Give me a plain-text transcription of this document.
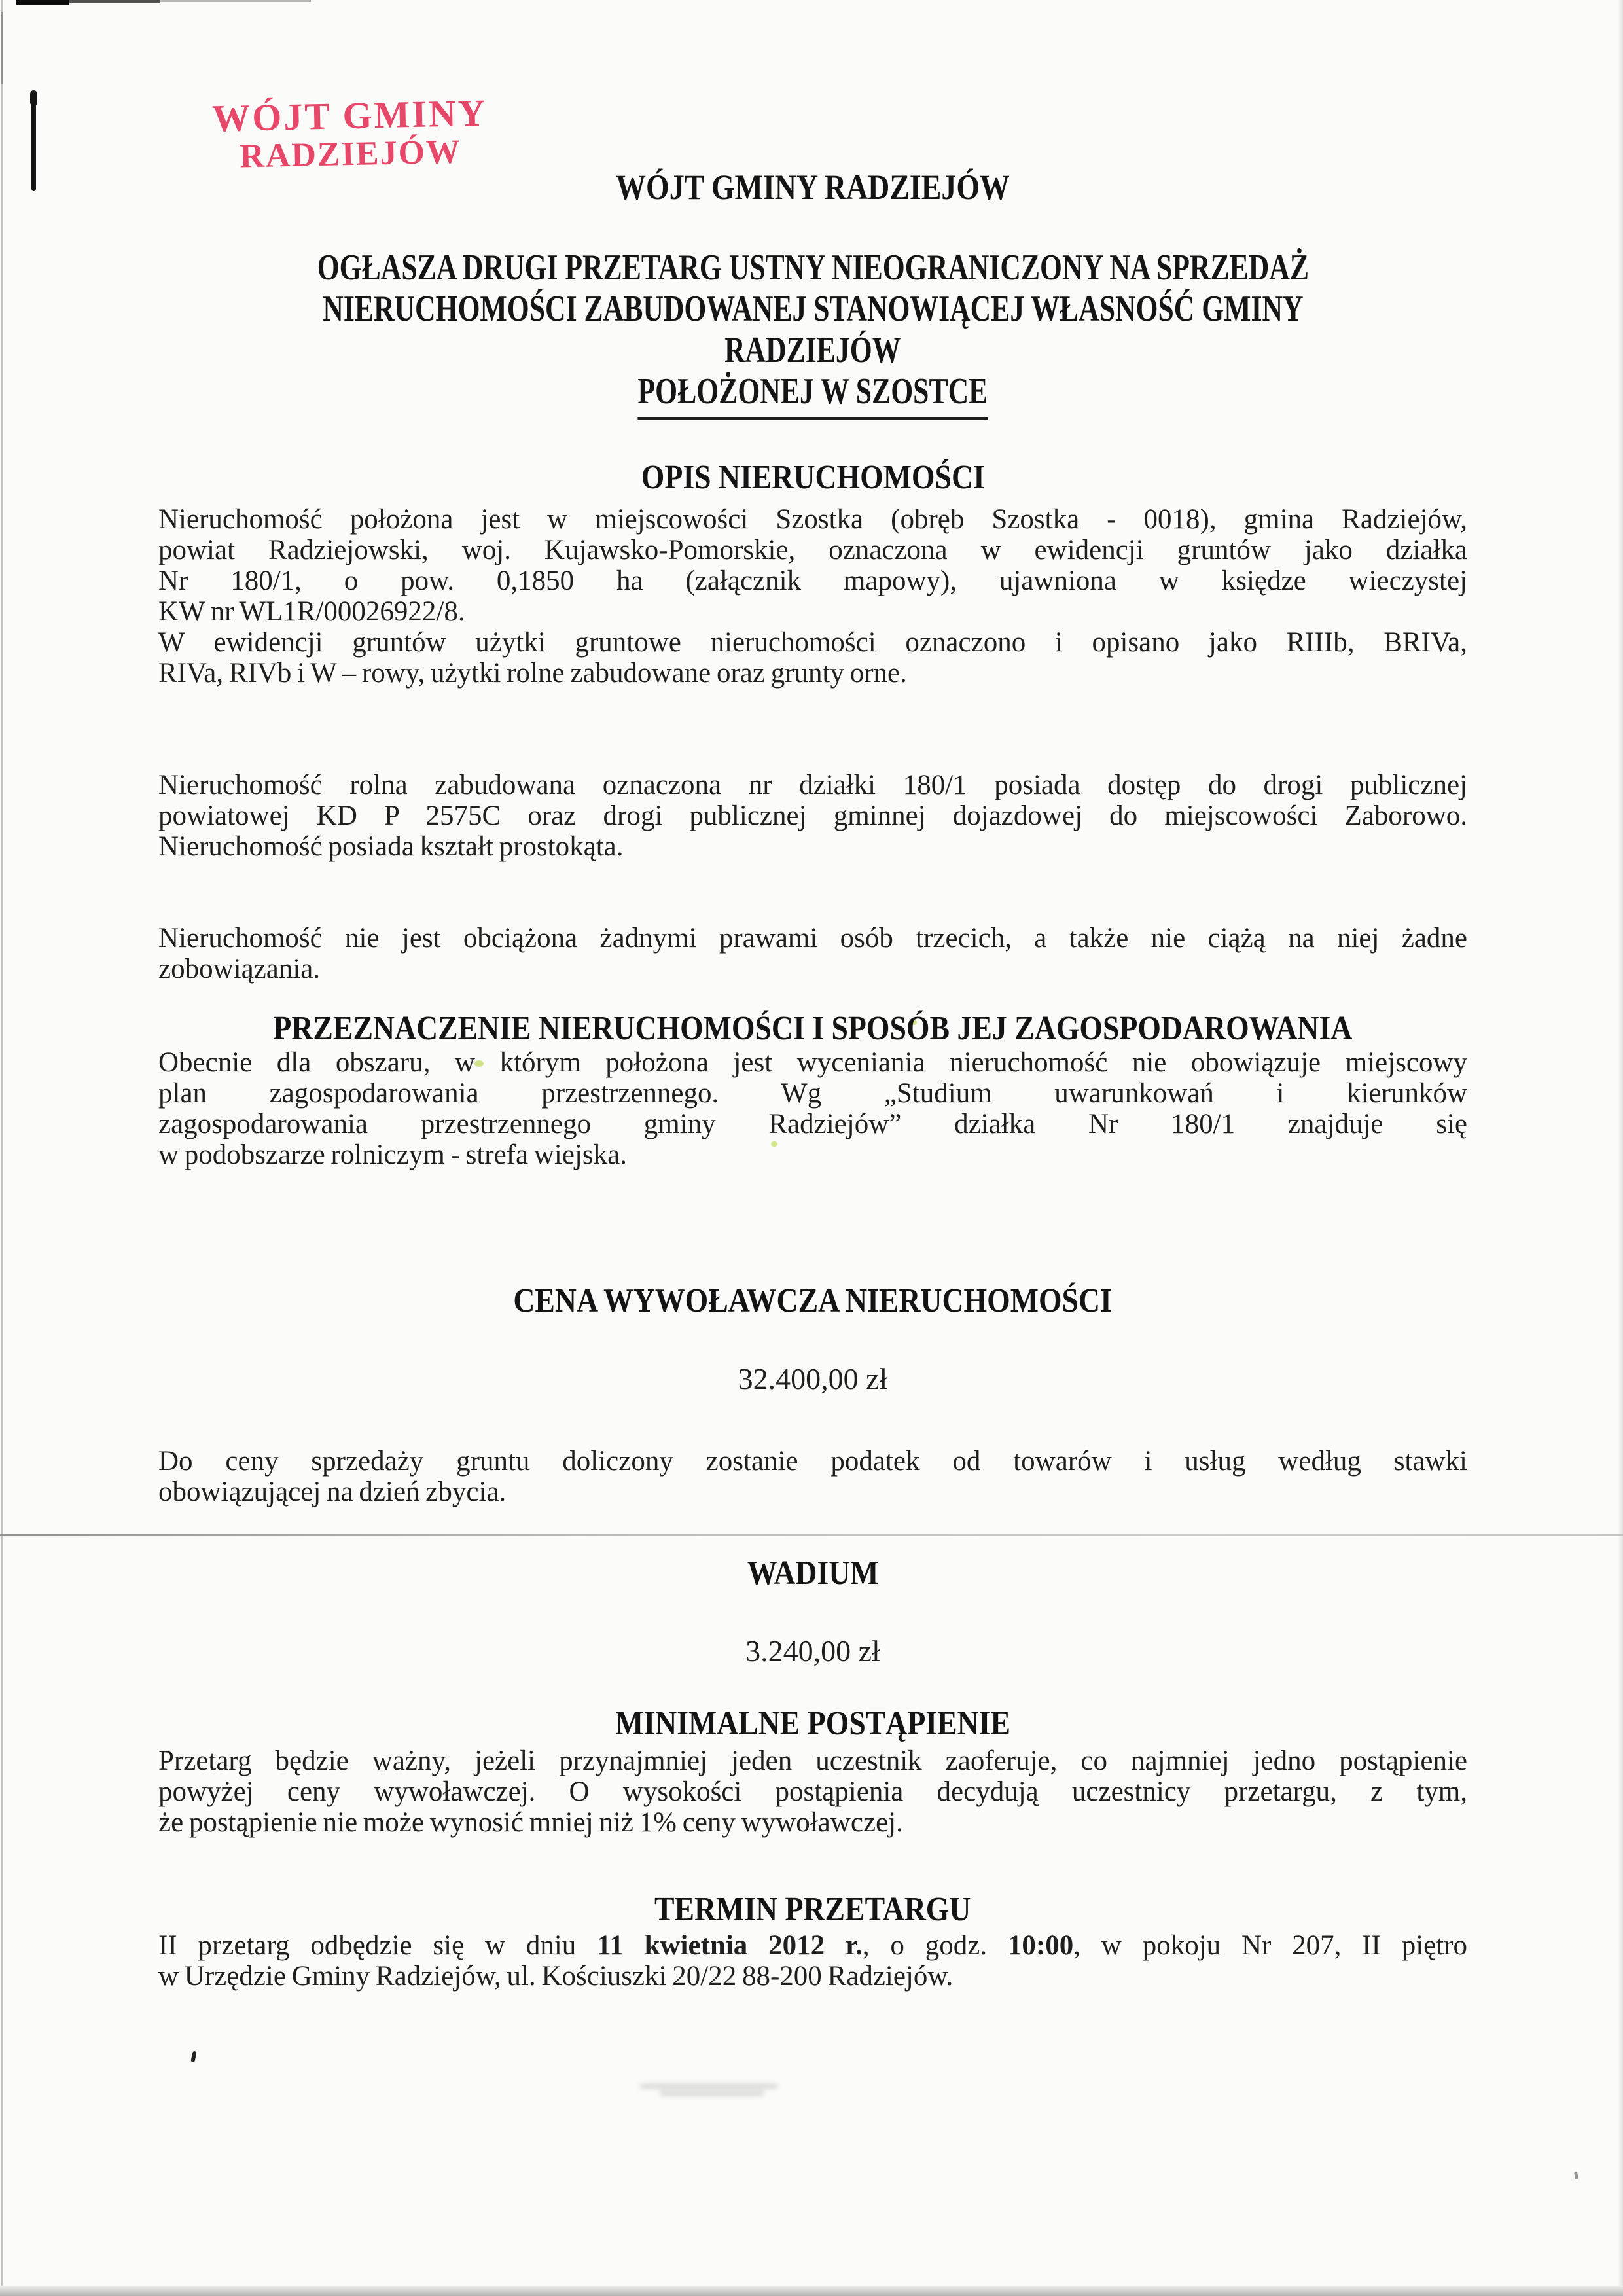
WÓJT GMINY
RADZIEJÓW
WÓJT GMINY RADZIEJÓW
OGŁASZA DRUGI PRZETARG USTNY NIEOGRANICZONY NA SPRZEDAŻ
NIERUCHOMOŚCI ZABUDOWANEJ STANOWIĄCEJ WŁASNOŚĆ GMINY
RADZIEJÓW
POŁOŻONEJ W SZOSTCE
OPIS NIERUCHOMOŚCI
Nieruchomość położona jest w miejscowości Szostka (obręb Szostka - 0018), gmina Radziejów,
powiat Radziejowski, woj. Kujawsko-Pomorskie, oznaczona w ewidencji gruntów jako działka
Nr 180/1, o pow. 0,1850 ha (załącznik mapowy), ujawniona w księdze wieczystej
KW nr WL1R/00026922/8.
W ewidencji gruntów użytki gruntowe nieruchomości oznaczono i opisano jako RIIIb, BRIVa,
RIVa, RIVb i W – rowy, użytki rolne zabudowane oraz grunty orne.
Nieruchomość rolna zabudowana oznaczona nr działki 180/1 posiada dostęp do drogi publicznej
powiatowej KD P 2575C oraz drogi publicznej gminnej dojazdowej do miejscowości Zaborowo.
Nieruchomość posiada kształt prostokąta.
Nieruchomość nie jest obciążona żadnymi prawami osób trzecich, a także nie ciążą na niej żadne
zobowiązania.
PRZEZNACZENIE NIERUCHOMOŚCI I SPOSÓB JEJ ZAGOSPODAROWANIA
Obecnie dla obszaru, w którym położona jest wyceniania nieruchomość nie obowiązuje miejscowy
plan zagospodarowania przestrzennego. Wg „Studium uwarunkowań i kierunków
zagospodarowania przestrzennego gminy Radziejów” działka Nr 180/1 znajduje się
w podobszarze rolniczym - strefa wiejska.
CENA WYWOŁAWCZA NIERUCHOMOŚCI
32.400,00 zł
Do ceny sprzedaży gruntu doliczony zostanie podatek od towarów i usług według stawki
obowiązującej na dzień zbycia.
WADIUM
3.240,00 zł
MINIMALNE POSTĄPIENIE
Przetarg będzie ważny, jeżeli przynajmniej jeden uczestnik zaoferuje, co najmniej jedno postąpienie
powyżej ceny wywoławczej. O wysokości postąpienia decydują uczestnicy przetargu, z tym,
że postąpienie nie może wynosić mniej niż 1% ceny wywoławczej.
TERMIN PRZETARGU
II przetarg odbędzie się w dniu 11 kwietnia 2012 r., o godz. 10:00, w pokoju Nr 207, II piętro
w Urzędzie Gminy Radziejów, ul. Kościuszki 20/22 88-200 Radziejów.
